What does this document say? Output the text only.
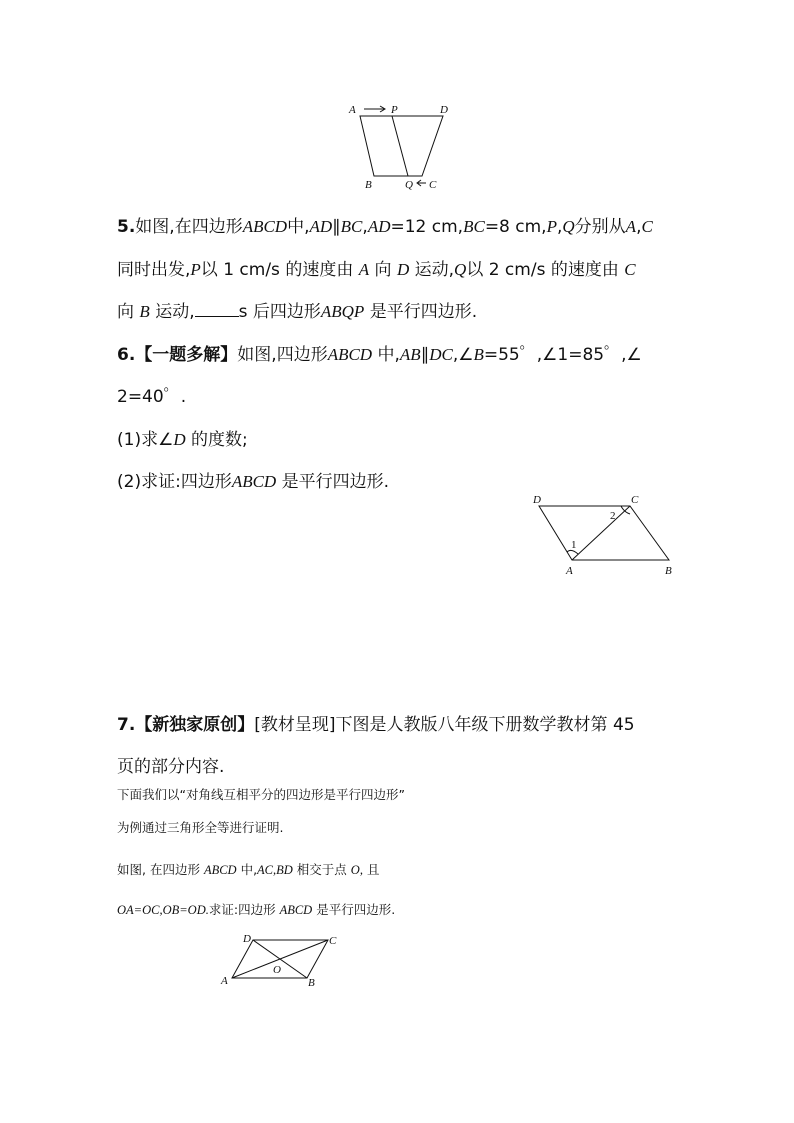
A	P	D
B	Q C
5.如图,在四边形ABCD中,AD∥BC,AD=12 cm,BC=8 cm,P,Q分别从A,C
同时出发,P以 1 cm/s 的速度由 A 向 D 运动,Q以 2 cm/s 的速度由 C
向 B 运动,	s 后四边形ABQP 是平行四边形.
6.【一题多解】如图,四边形ABCD 中,AB∥DC,∠B=55゜,∠1=85゜,∠
2=40゜.
(1)求∠D 的度数;
(2)求证:四边形ABCD 是平行四边形.
D	C
A	B
1
2
7.【新独家原创】[教材呈现]下图是人教版八年级下册数学教材第 45
页的部分内容.
下面我们以“对角线互相平分的四边形是平行四边形”
为例通过三角形全等进行证明.
如图, 在四边形 ABCD 中,AC,BD 相交于点 O, 且
OA=OC,OB=OD.求证:四边形 ABCD 是平行四边形.
D	C
A	B
O
